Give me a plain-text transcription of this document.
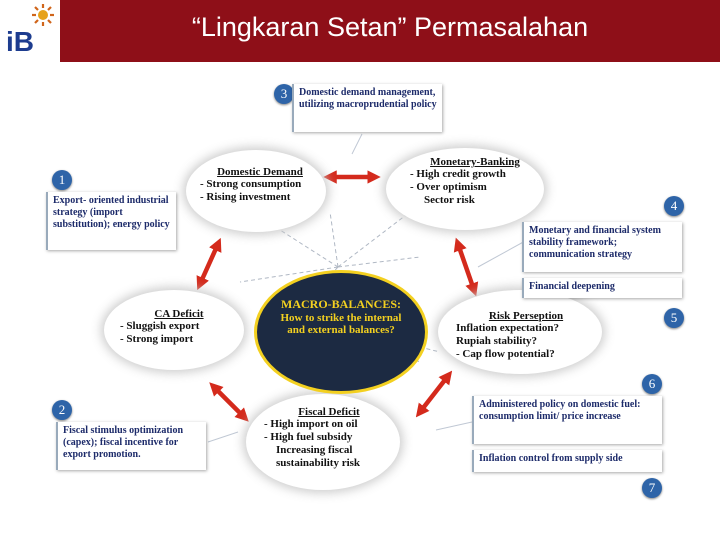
iB	“Lingkaran Setan” Permasalahan
Domestic Demand
- Strong consumption
- Rising investment
Monetary-Banking
- High credit growth
- Over optimism
Sector risk
CA Deficit
- Sluggish export
- Strong import
Risk Perseption
Inflation expectation?
Rupiah stability?
- Cap flow potential?
Fiscal Deficit
- High import on oil
- High fuel subsidy
Increasing fiscal
sustainability risk
MACRO-BALANCES:
How to strike the internal
and external balances?
3	Domestic demand management, utilizing macroprudential policy
1
Export- oriented industrial strategy (import substitution); energy policy
4
Monetary and financial system stability framework; communication strategy
Financial deepening
5
6
Administered policy on domestic fuel: consumption limit/ price increase
Inflation control from supply side
7
2
Fiscal stimulus optimization (capex); fiscal incentive for export promotion.
